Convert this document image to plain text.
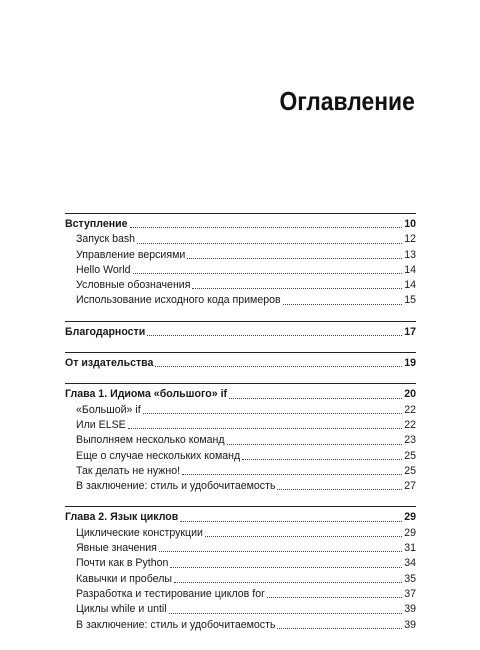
Оглавление
Вступление	10
Запуск bash	12
Управление версиями	13
Hello World	14
Условные обозначения	14
Использование исходного кода примеров	15
Благодарности	17
От издательства	19
Глава 1. Идиома «большого» if	20
«Большой» if	22
Или ELSE	22
Выполняем несколько команд	23
Еще о случае нескольких команд	25
Так делать не нужно!	25
В заключение: стиль и удобочитаемость	27
Глава 2. Язык циклов	29
Циклические конструкции	29
Явные значения	31
Почти как в Python	34
Кавычки и пробелы	35
Разработка и тестирование циклов for	37
Циклы while и until	39
В заключение: стиль и удобочитаемость	39
